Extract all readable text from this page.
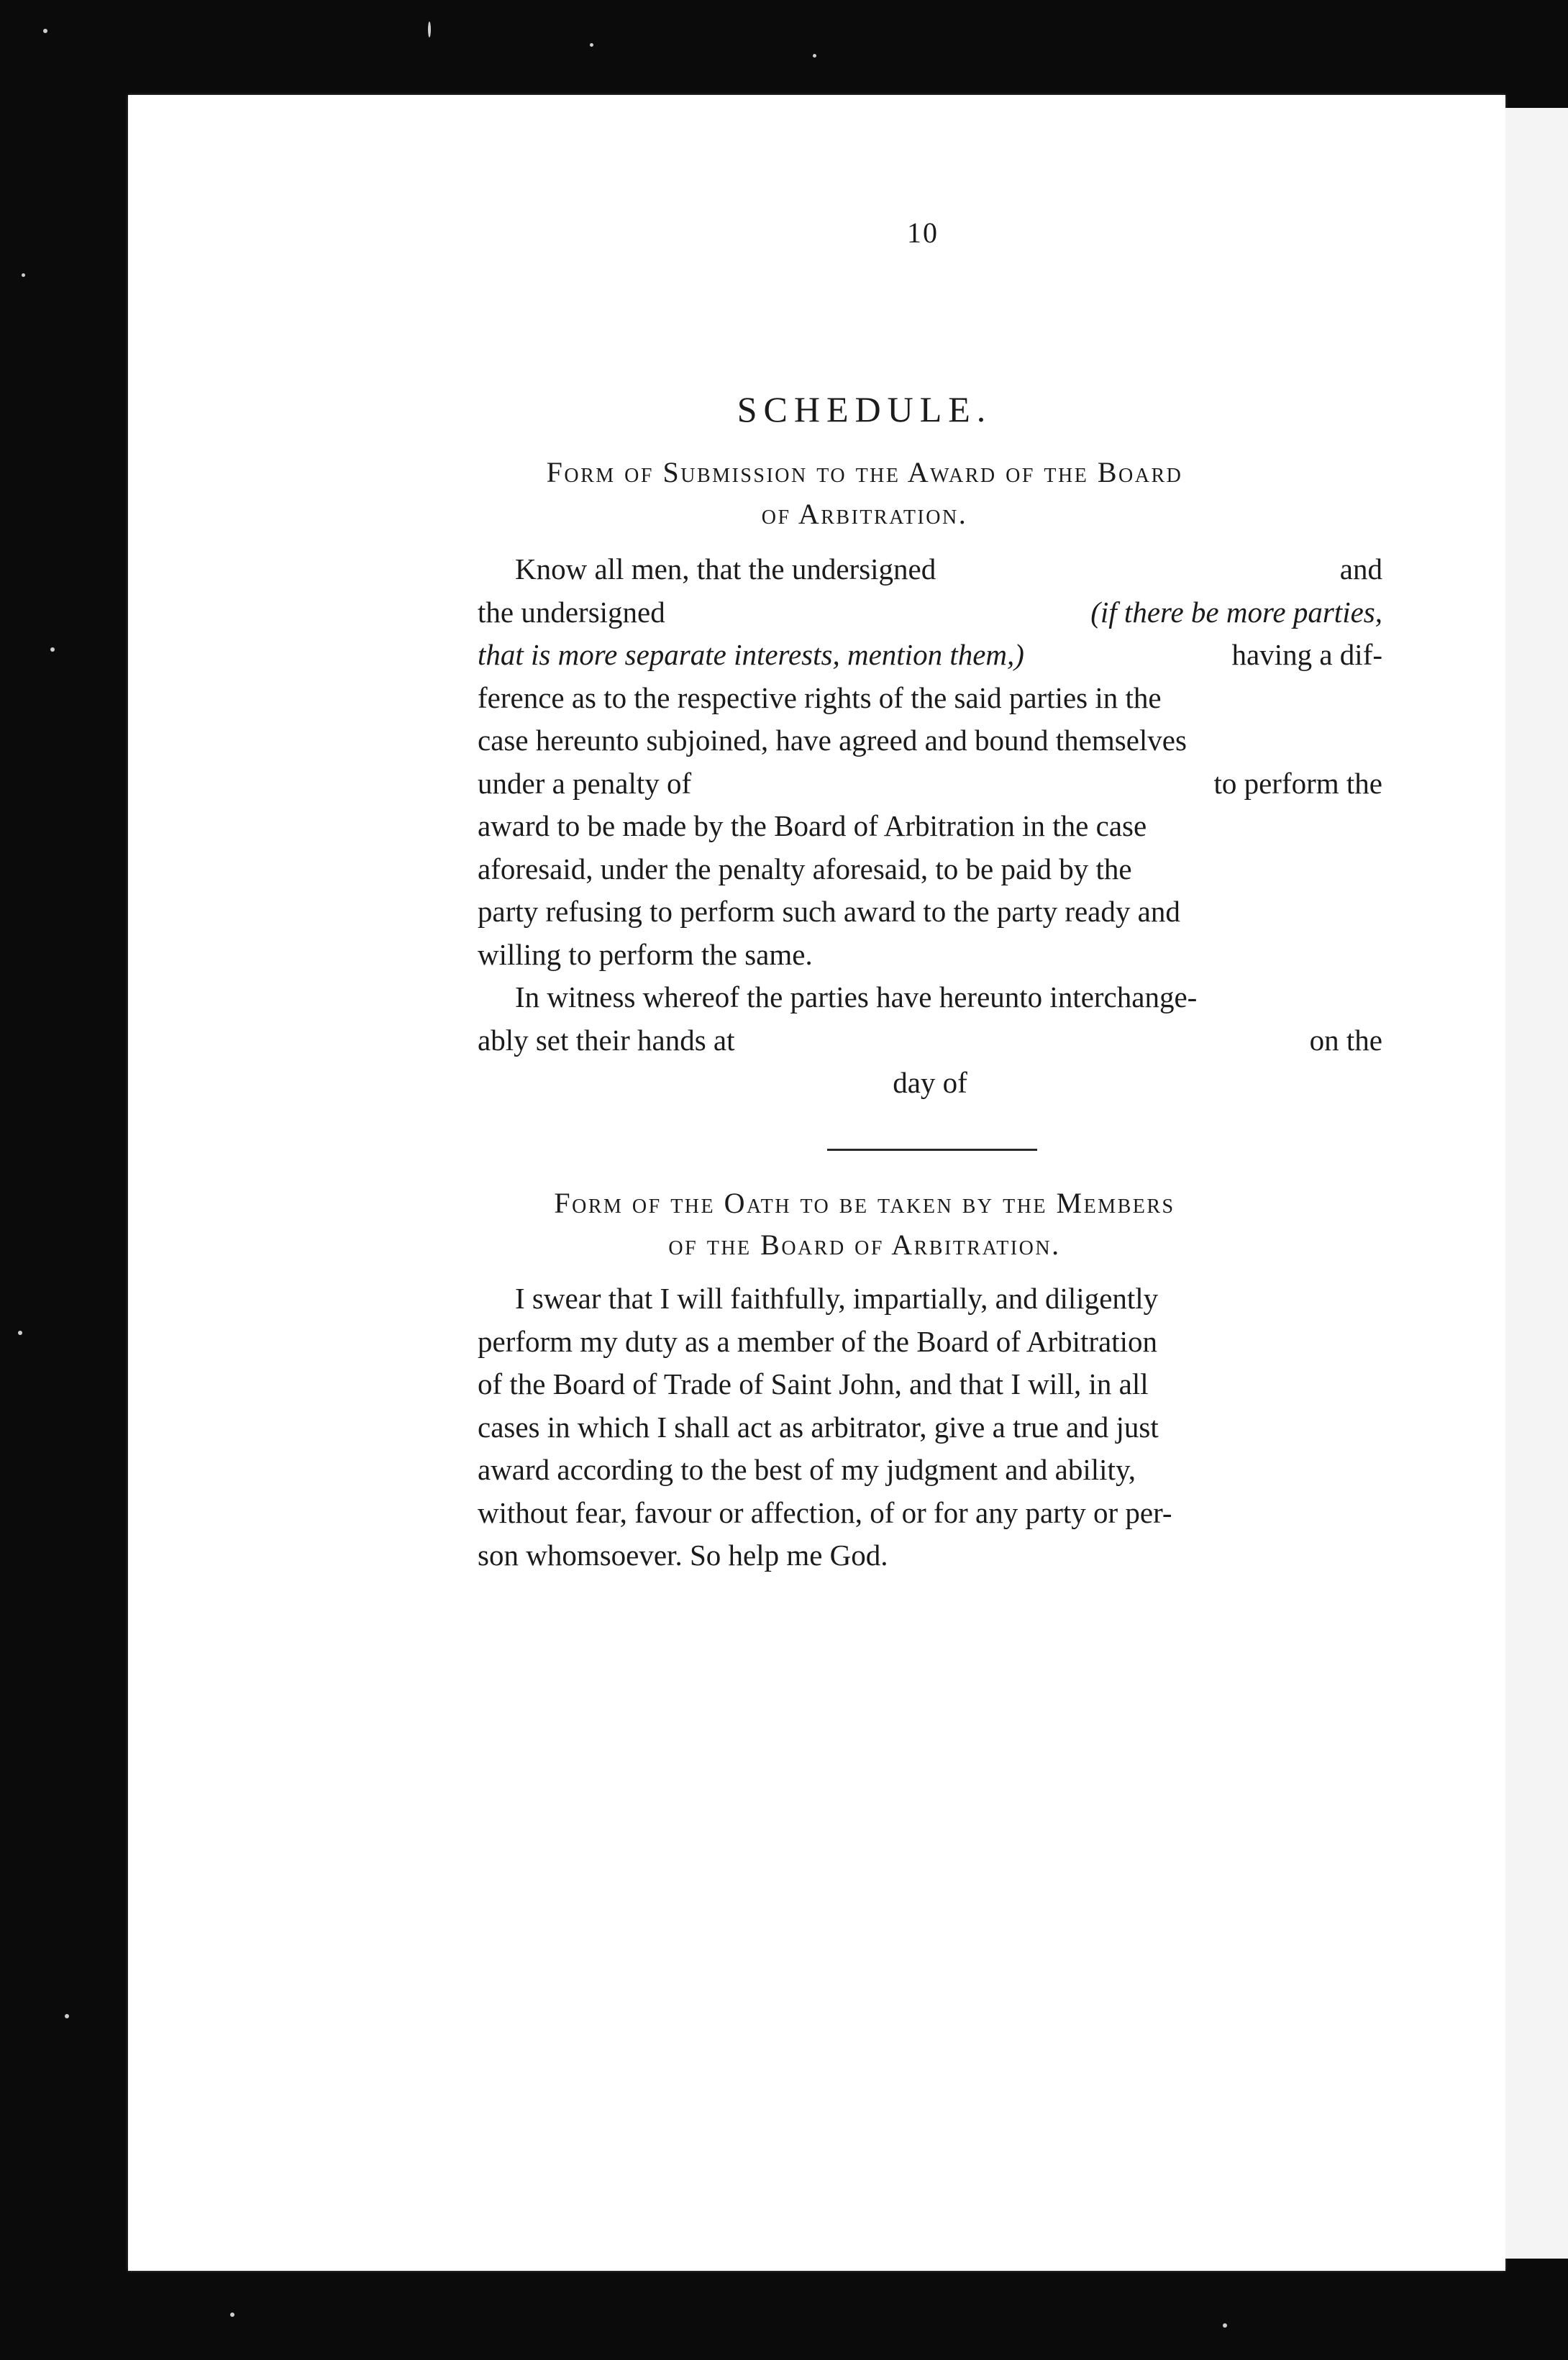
10
SCHEDULE.
Form of Submission to the Award of the Board
of Arbitration.
Know all men, that the undersigned	and
the undersigned	(if there be more parties,
that is more separate interests, mention them,)	having a dif-
ference as to the respective rights of the said parties in the
case hereunto subjoined, have agreed and bound themselves
under a penalty of	to perform the
award to be made by the Board of Arbitration in the case
aforesaid, under the penalty aforesaid, to be paid by the
party refusing to perform such award to the party ready and
willing to perform the same.
In witness whereof the parties have hereunto interchange-
ably set their hands at	on the
day of
Form of the Oath to be taken by the Members
of the Board of Arbitration.
I swear that I will faithfully, impartially, and diligently
perform my duty as a member of the Board of Arbitration
of the Board of Trade of Saint John, and that I will, in all
cases in which I shall act as arbitrator, give a true and just
award according to the best of my judgment and ability,
without fear, favour or affection, of or for any party or per-
son whomsoever. So help me God.
